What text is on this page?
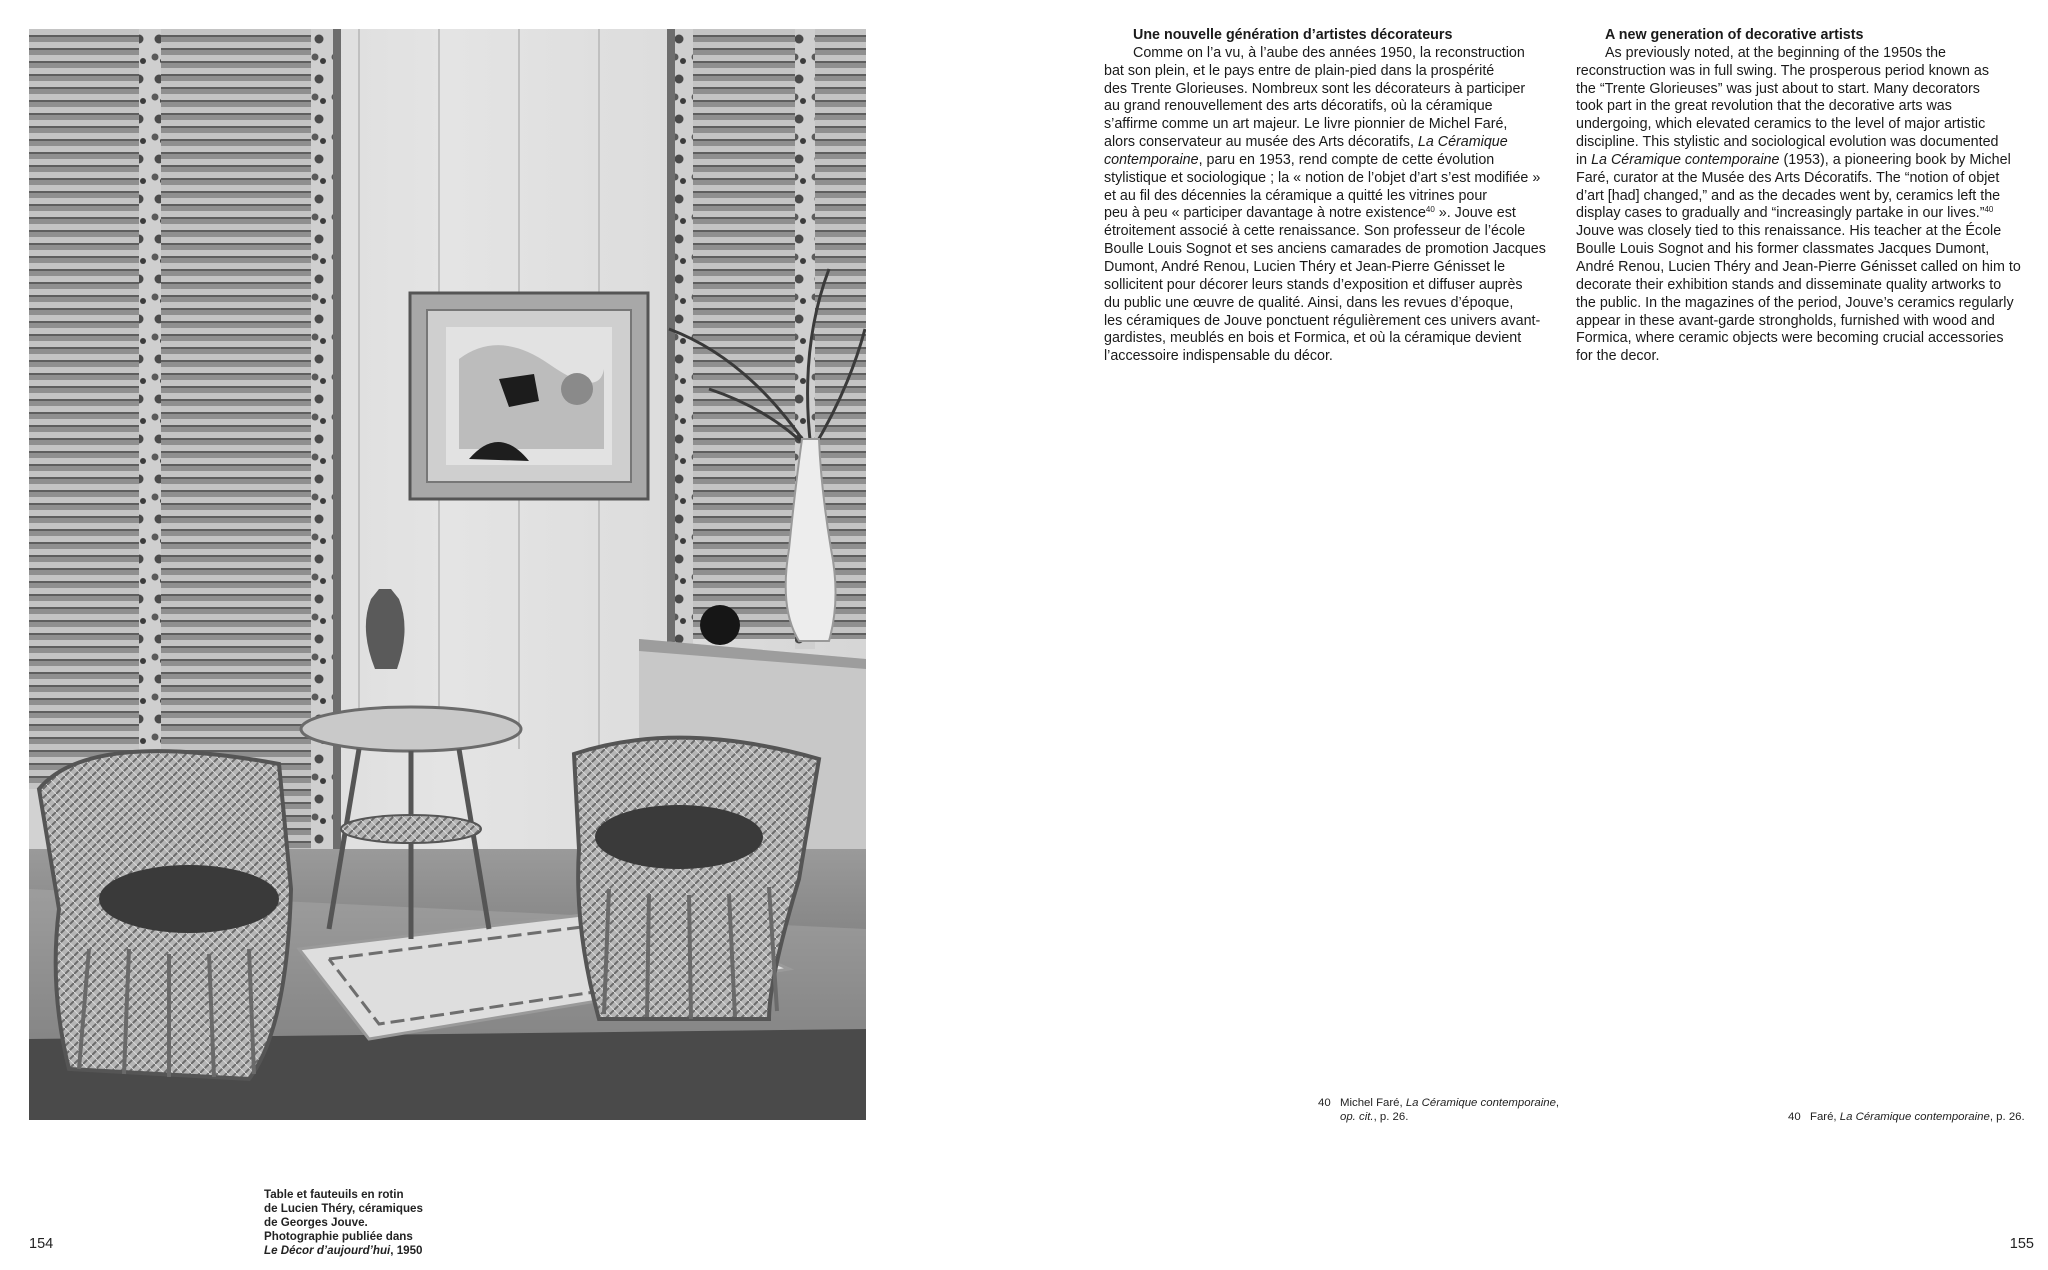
Table et fauteuils en rotin
de Lucien Théry, céramiques
de Georges Jouve.
Photographie publiée dans
Le Décor d’aujourd’hui, 1950
154
Une nouvelle génération d’artistes décorateurs
Comme on l’a vu, à l’aube des années 1950, la reconstruction
bat son plein, et le pays entre de plain-pied dans la prospérité
des Trente Glorieuses. Nombreux sont les décorateurs à participer
au grand renouvellement des arts décoratifs, où la céramique
s’affirme comme un art majeur. Le livre pionnier de Michel Faré,
alors conservateur au musée des Arts décoratifs, La Céramique
contemporaine, paru en 1953, rend compte de cette évolution
stylistique et sociologique ; la « notion de l’objet d’art s’est modifiée »
et au fil des décennies la céramique a quitté les vitrines pour
peu à peu « participer davantage à notre existence$^{40}$ ». Jouve est
étroitement associé à cette renaissance. Son professeur de l’école
Boulle Louis Sognot et ses anciens camarades de promotion Jacques
Dumont, André Renou, Lucien Théry et Jean-Pierre Génisset le
sollicitent pour décorer leurs stands d’exposition et diffuser auprès
du public une œuvre de qualité. Ainsi, dans les revues d’époque,
les céramiques de Jouve ponctuent régulièrement ces univers avant-
gardistes, meublés en bois et Formica, et où la céramique devient
l’accessoire indispensable du décor.
A new generation of decorative artists
As previously noted, at the beginning of the 1950s the
reconstruction was in full swing. The prosperous period known as
the “Trente Glorieuses” was just about to start. Many decorators
took part in the great revolution that the decorative arts was
undergoing, which elevated ceramics to the level of major artistic
discipline. This stylistic and sociological evolution was documented
in La Céramique contemporaine (1953), a pioneering book by Michel
Faré, curator at the Musée des Arts Décoratifs. The “notion of objet
d’art [had] changed,” and as the decades went by, ceramics left the
display cases to gradually and “increasingly partake in our lives.”$^{40}$
Jouve was closely tied to this renaissance. His teacher at the École
Boulle Louis Sognot and his former classmates Jacques Dumont,
André Renou, Lucien Théry and Jean-Pierre Génisset called on him to
decorate their exhibition stands and disseminate quality artworks to
the public. In the magazines of the period, Jouve’s ceramics regularly
appear in these avant-garde strongholds, furnished with wood and
Formica, where ceramic objects were becoming crucial accessories
for the decor.
40 Michel Faré, La Céramique contemporaine,
op. cit., p. 26.	40 Faré, La Céramique contemporaine, p. 26.
155
